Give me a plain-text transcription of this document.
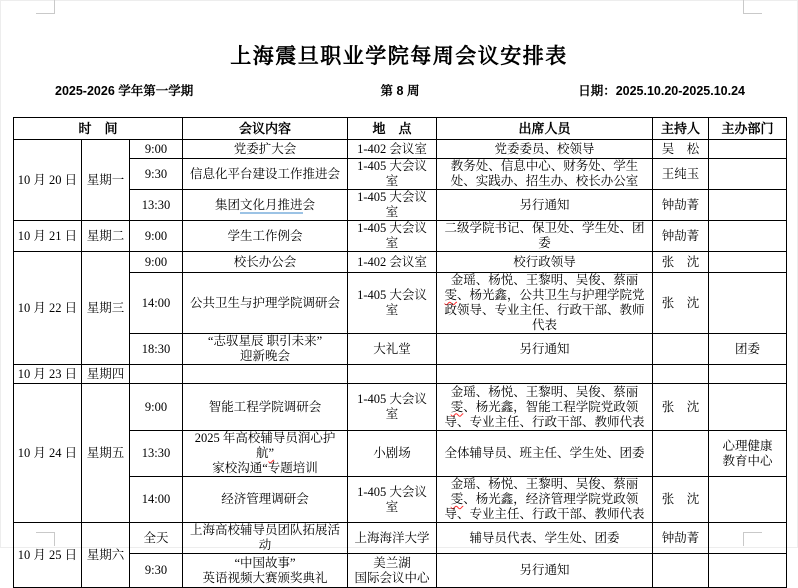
上海震旦职业学院每周会议安排表
2025-2026 学年第一学期	第 8 周	日期：2025.10.20-2025.10.24
时　间			会议内容	地　点	出席人员	主持人	主办部门
10 月 20 日	星期一	9:00	党委扩大会	1-402 会议室	党委委员、校领导	吴　松	
		9:30	信息化平台建设工作推进会	1-405 大会议室	教务处、信息中心、财务处、学生处、实践办、招生办、校长办公室	王纯玉	
		13:30	集团文化月推进会	1-405 大会议室	另行通知	钟劼菁	
10 月 21 日	星期二	9:00	学生工作例会	1-405 大会议室	二级学院书记、保卫处、学生处、团委	钟劼菁	
10 月 22 日	星期三	9:00	校长办公会	1-402 会议室	校行政领导	张　沈	
		14:00	公共卫生与护理学院调研会	1-405 大会议室	金瑶、杨悦、王黎明、吴俊、蔡丽雯、杨光鑫，公共卫生与护理学院党政领导、专业主任、行政干部、教师代表	张　沈	
		18:30	“志驭星辰 职引未来”
迎新晚会	大礼堂	另行通知		团委
10 月 23 日	星期四						
10 月 24 日	星期五	9:00	智能工程学院调研会	1-405 大会议室	金瑶、杨悦、王黎明、吴俊、蔡丽雯、杨光鑫，智能工程学院党政领导、专业主任、行政干部、教师代表	张　沈	
		13:30	2025 年高校辅导员润心护航”
家校沟通“专题培训	小剧场	全体辅导员、班主任、学生处、团委		心理健康
教育中心

		14:00	经济管理调研会	1-405 大会议室	金瑶、杨悦、王黎明、吴俊、蔡丽雯、杨光鑫，经济管理学院党政领导、专业主任、行政干部、教师代表	张　沈	
10 月 25 日	星期六	全天	上海高校辅导员团队拓展活动	上海海洋大学	辅导员代表、学生处、团委	钟劼菁	
		9:30	“中国故事”
英语视频大赛颁奖典礼	美兰湖
国际会议中心	另行通知		
